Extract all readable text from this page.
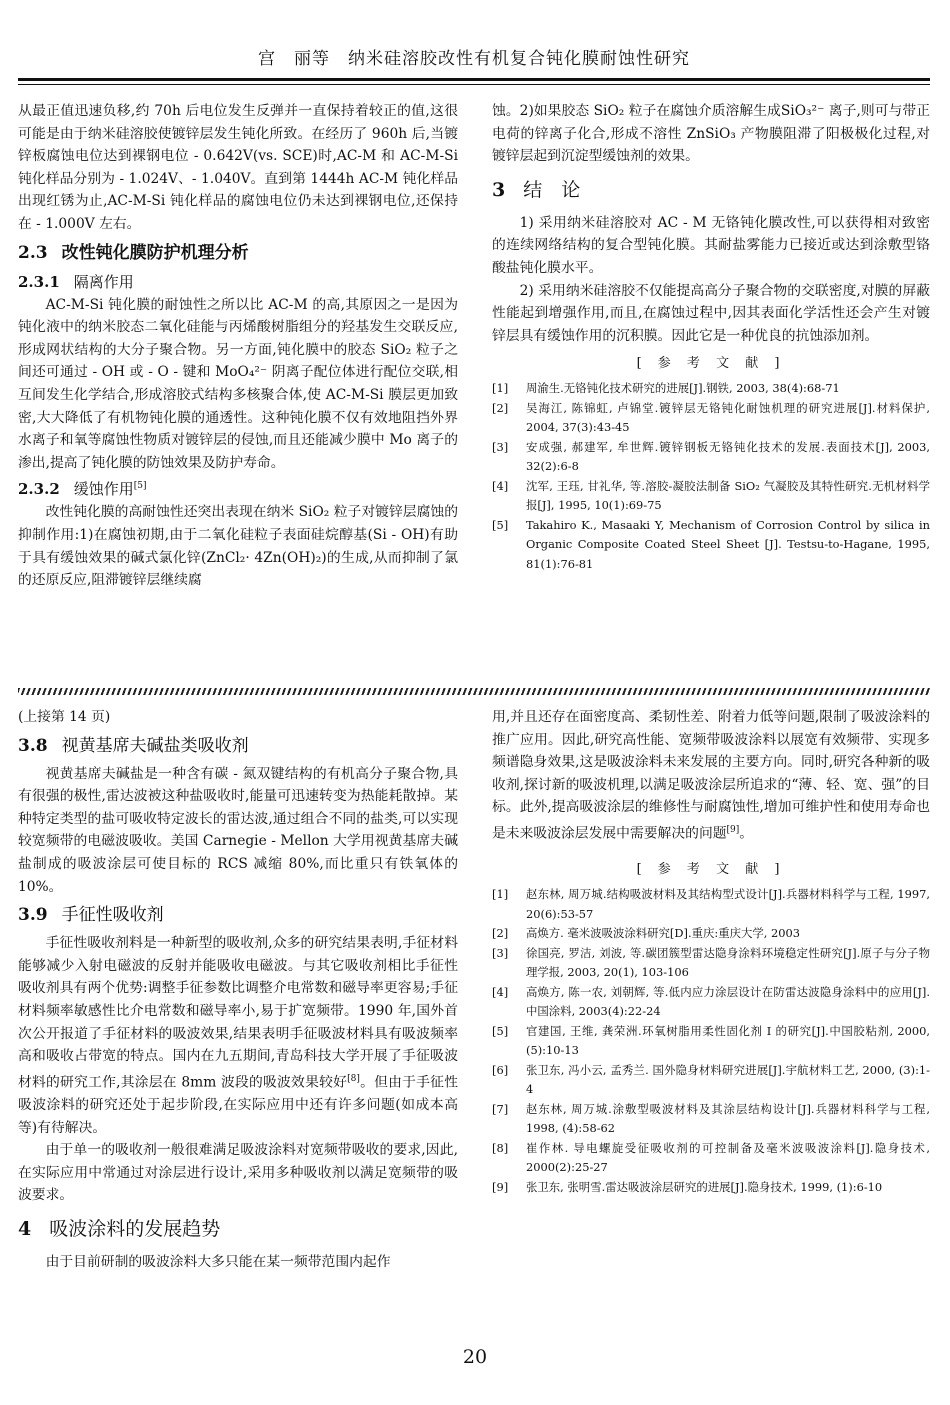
宫　丽等　纳米硅溶胶改性有机复合钝化膜耐蚀性研究

从最正值迅速负移,约 70h 后电位发生反弹并一直保持着较正的值,这很可能是由于纳米硅溶胶使镀锌层发生钝化所致。在经历了 960h 后,当镀锌板腐蚀电位达到裸钢电位 - 0.642V(vs. SCE)时,AC-M 和 AC-M-Si 钝化样品分别为 - 1.024V、- 1.040V。直到第 1444h AC-M 钝化样品出现红锈为止,AC-M-Si 钝化样品的腐蚀电位仍未达到裸钢电位,还保持在 - 1.000V 左右。

2.3 改性钝化膜防护机理分析
2.3.1 隔离作用

AC-M-Si 钝化膜的耐蚀性之所以比 AC-M 的高,其原因之一是因为钝化液中的纳米胶态二氧化硅能与丙烯酸树脂组分的羟基发生交联反应,形成网状结构的大分子聚合物。另一方面,钝化膜中的胶态 SiO₂ 粒子之间还可通过 - OH 或 - O - 键和 MoO₄²⁻ 阴离子配位体进行配位交联,相互间发生化学结合,形成溶胶式结构多核聚合体,使 AC-M-Si 膜层更加致密,大大降低了有机物钝化膜的通透性。这种钝化膜不仅有效地阻挡外界水离子和氧等腐蚀性物质对镀锌层的侵蚀,而且还能减少膜中 Mo 离子的渗出,提高了钝化膜的防蚀效果及防护寿命。

2.3.2 缓蚀作用[5]

改性钝化膜的高耐蚀性还突出表现在纳米 SiO₂ 粒子对镀锌层腐蚀的抑制作用:1)在腐蚀初期,由于二氧化硅粒子表面硅烷醇基(Si - OH)有助于具有缓蚀效果的碱式氯化锌(ZnCl₂· 4Zn(OH)₂)的生成,从而抑制了氯的还原反应,阻滞镀锌层继续腐

蚀。2)如果胶态 SiO₂ 粒子在腐蚀介质溶解生成SiO₃²⁻ 离子,则可与带正电荷的锌离子化合,形成不溶性 ZnSiO₃ 产物膜阻滞了阳极极化过程,对镀锌层起到沉淀型缓蚀剂的效果。

3 结　论

1) 采用纳米硅溶胶对 AC - M 无铬钝化膜改性,可以获得相对致密的连续网络结构的复合型钝化膜。其耐盐雾能力已接近或达到涂敷型铬酸盐钝化膜水平。

2) 采用纳米硅溶胶不仅能提高高分子聚合物的交联密度,对膜的屏蔽性能起到增强作用,而且,在腐蚀过程中,因其表面化学活性还会产生对镀锌层具有缓蚀作用的沉积膜。因此它是一种优良的抗蚀添加剂。

[ 参 考 文 献 ]
[1]	周渝生.无铬钝化技术研究的进展[J].钢铁, 2003, 38(4):68-71
[2]	吴海江, 陈锦虹, 卢锦堂.镀锌层无铬钝化耐蚀机理的研究进展[J].材料保护, 2004, 37(3):43-45
[3]	安成强, 郝建军, 牟世辉.镀锌钢板无铬钝化技术的发展.表面技术[J], 2003, 32(2):6-8
[4]	沈军, 王珏, 甘礼华, 等.溶胶-凝胶法制备 SiO₂ 气凝胶及其特性研究.无机材料学报[J], 1995, 10(1):69-75
[5]	Takahiro K., Masaaki Y, Mechanism of Corrosion Control by silica in Organic Composite Coated Steel Sheet [J]. Testsu-to-Hagane, 1995, 81(1):76-81

(上接第 14 页)

3.8 视黄基席夫碱盐类吸收剂

视黄基席夫碱盐是一种含有碳 - 氮双键结构的有机高分子聚合物,具有很强的极性,雷达波被这种盐吸收时,能量可迅速转变为热能耗散掉。某种特定类型的盐可吸收特定波长的雷达波,通过组合不同的盐类,可以实现较宽频带的电磁波吸收。美国 Carnegie - Mellon 大学用视黄基席夫碱盐制成的吸波涂层可使目标的 RCS 减缩 80%,而比重只有铁氧体的 10%。

3.9 手征性吸收剂

手征性吸收剂料是一种新型的吸收剂,众多的研究结果表明,手征材料能够减少入射电磁波的反射并能吸收电磁波。与其它吸收剂相比手征性吸收剂具有两个优势:调整手征参数比调整介电常数和磁导率更容易;手征材料频率敏感性比介电常数和磁导率小,易于扩宽频带。1990 年,国外首次公开报道了手征材料的吸波效果,结果表明手征吸波材料具有吸波频率高和吸收占带宽的特点。国内在九五期间,青岛科技大学开展了手征吸波材料的研究工作,其涂层在 8mm 波段的吸波效果较好[8]。但由于手征性吸波涂料的研究还处于起步阶段,在实际应用中还有许多问题(如成本高等)有待解决。

由于单一的吸收剂一般很难满足吸波涂料对宽频带吸收的要求,因此,在实际应用中常通过对涂层进行设计,采用多种吸收剂以满足宽频带的吸波要求。

4 吸波涂料的发展趋势

由于目前研制的吸波涂料大多只能在某一频带范围内起作

用,并且还存在面密度高、柔韧性差、附着力低等问题,限制了吸波涂料的推广应用。因此,研究高性能、宽频带吸波涂料以展宽有效频带、实现多频谱隐身效果,这是吸波涂料未来发展的主要方向。同时,研究各种新的吸收剂,探讨新的吸波机理,以满足吸波涂层所追求的“薄、轻、宽、强”的目标。此外,提高吸波涂层的维修性与耐腐蚀性,增加可维护性和使用寿命也是未来吸波涂层发展中需要解决的问题[9]。

[ 参 考 文 献 ]
[1]	赵东林, 周万城.结构吸波材料及其结构型式设计[J].兵器材料科学与工程, 1997, 20(6):53-57
[2]	高焕方. 毫米波吸波涂料研究[D].重庆:重庆大学, 2003
[3]	徐国亮, 罗洁, 刘波, 等.碳团簇型雷达隐身涂料环境稳定性研究[J].原子与分子物理学报, 2003, 20(1), 103-106
[4]	高焕方, 陈一农, 刘朝辉, 等.低内应力涂层设计在防雷达波隐身涂料中的应用[J].中国涂料, 2003(4):22-24
[5]	官建国, 王维, 龚荣洲.环氧树脂用柔性固化剂 I 的研究[J].中国胶粘剂, 2000, (5):10-13
[6]	张卫东, 冯小云, 孟秀兰. 国外隐身材料研究进展[J].宇航材料工艺, 2000, (3):1-4
[7]	赵东林, 周万城.涂敷型吸波材料及其涂层结构设计[J].兵器材料科学与工程, 1998, (4):58-62
[8]	崔作林. 导电螺旋受征吸收剂的可控制备及毫米波吸波涂料[J].隐身技术, 2000(2):25-27
[9]	张卫东, 张明雪.雷达吸波涂层研究的进展[J].隐身技术, 1999, (1):6-10
20
